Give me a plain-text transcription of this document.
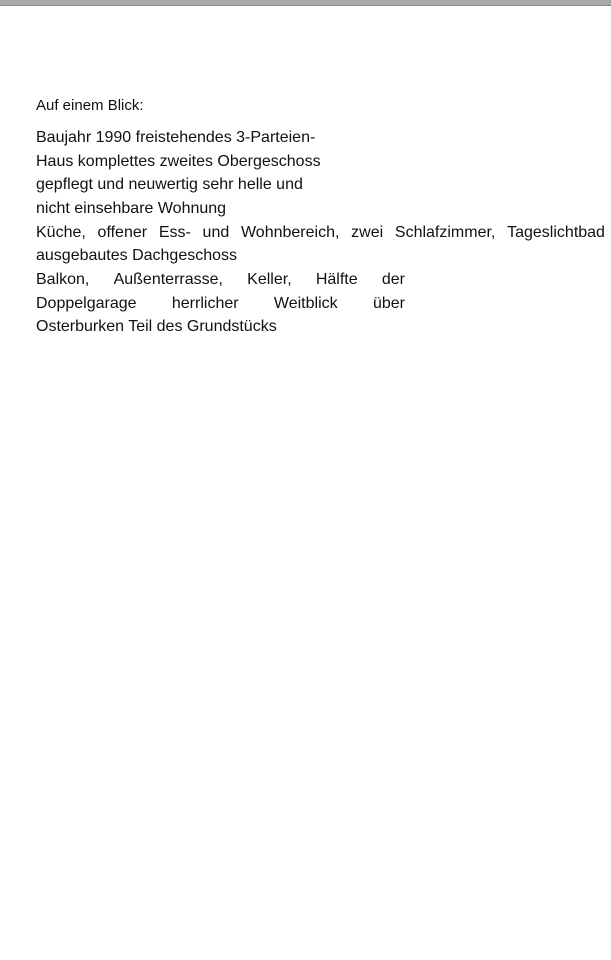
Auf einem Blick:
Baujahr 1990 freistehendes 3-Parteien-
Haus komplettes zweites Obergeschoss
gepflegt und neuwertig sehr helle und
nicht einsehbare Wohnung
Küche, offener Ess- und Wohnbereich, zwei Schlafzimmer, Tageslichtbad
ausgebautes Dachgeschoss
Balkon, Außenterrasse, Keller, Hälfte der
Doppelgarage herrlicher Weitblick über
Osterburken Teil des Grundstücks
